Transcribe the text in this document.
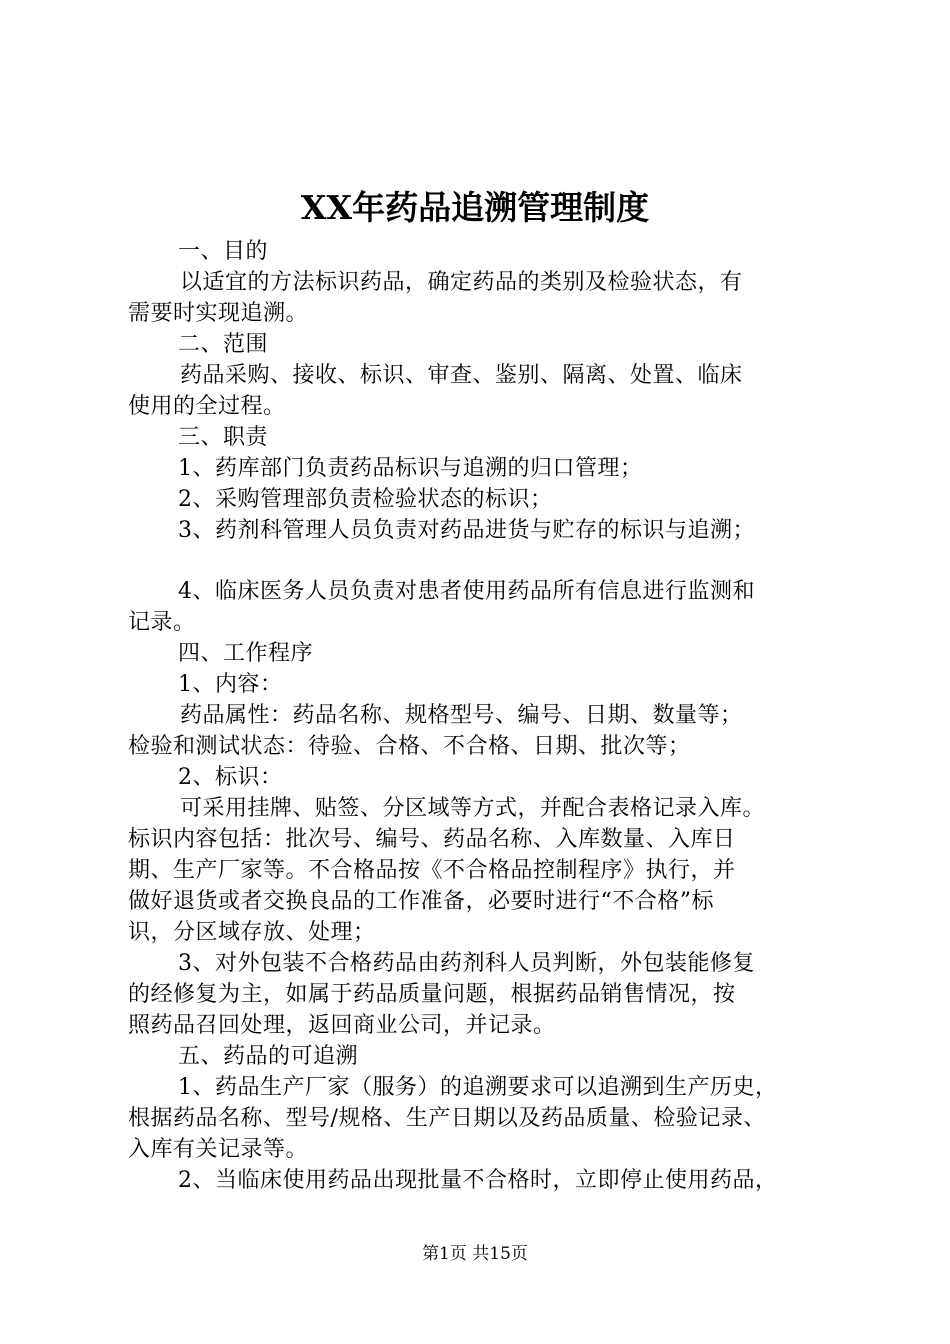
XX年药品追溯管理制度
一、目的
以适宜的方法标识药品，确定药品的类别及检验状态，有
需要时实现追溯。
二、范围
药品采购、接收、标识、审查、鉴别、隔离、处置、临床
使用的全过程。
三、职责
1、药库部门负责药品标识与追溯的归口管理；
2、采购管理部负责检验状态的标识；
3、药剂科管理人员负责对药品进货与贮存的标识与追溯；
4、临床医务人员负责对患者使用药品所有信息进行监测和
记录。
四、工作程序
1、内容：
药品属性：药品名称、规格型号、编号、日期、数量等；
检验和测试状态：待验、合格、不合格、日期、批次等；
2、标识：
可采用挂牌、贴签、分区域等方式，并配合表格记录入库。
标识内容包括：批次号、编号、药品名称、入库数量、入库日
期、生产厂家等。不合格品按《不合格品控制程序》执行，并
做好退货或者交换良品的工作准备，必要时进行“不合格”标
识，分区域存放、处理；
3、对外包装不合格药品由药剂科人员判断，外包装能修复
的经修复为主，如属于药品质量问题，根据药品销售情况，按
照药品召回处理，返回商业公司，并记录。
五、药品的可追溯
1、药品生产厂家（服务）的追溯要求可以追溯到生产历史，
根据药品名称、型号/规格、生产日期以及药品质量、检验记录、
入库有关记录等。
2、当临床使用药品出现批量不合格时，立即停止使用药品，
第1页 共15页
